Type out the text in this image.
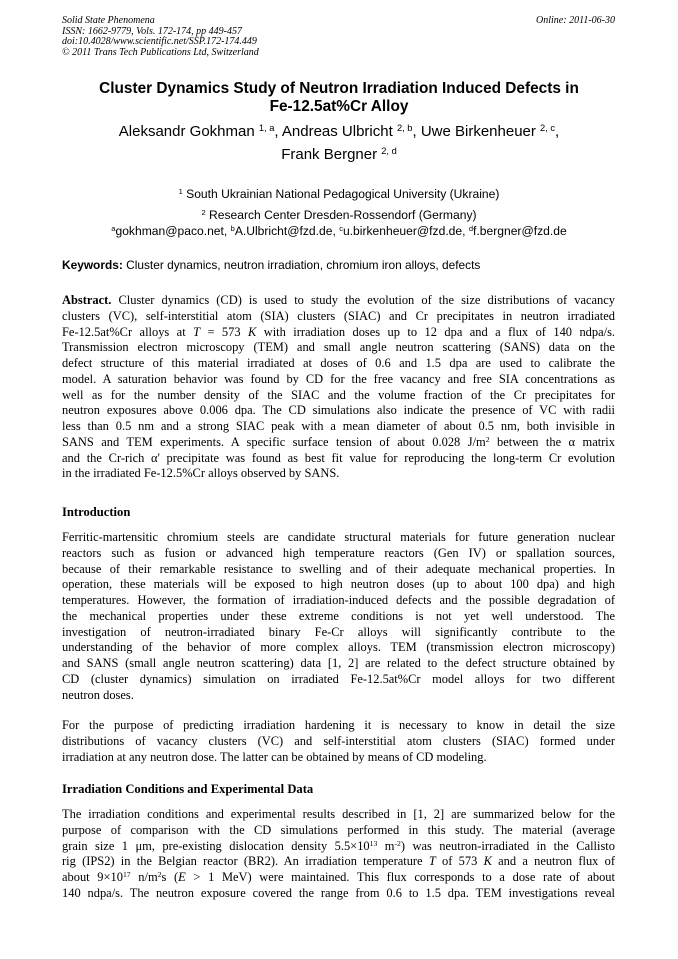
Solid State Phenomena
ISSN: 1662-9779, Vols. 172-174, pp 449-457
doi:10.4028/www.scientific.net/SSP.172-174.449
© 2011 Trans Tech Publications Ltd, Switzerland
Online: 2011-06-30
Cluster Dynamics Study of Neutron Irradiation Induced Defects in
Fe-12.5at%Cr Alloy
Aleksandr Gokhman $^{1, a}$, Andreas Ulbricht $^{2, b}$, Uwe Birkenheuer $^{2, c}$,
Frank Bergner $^{2, d}$
$^1$ South Ukrainian National Pedagogical University (Ukraine)
$^2$ Research Center Dresden-Rossendorf (Germany)
$^a$gokhman@paco.net, $^b$A.Ulbricht@fzd.de, $^c$u.birkenheuer@fzd.de, $^d$f.bergner@fzd.de
Keywords: Cluster dynamics, neutron irradiation, chromium iron alloys, defects
Abstract. Cluster dynamics (CD) is used to study the evolution of the size distributions of vacancy
clusters (VC), self-interstitial atom (SIA) clusters (SIAC) and Cr precipitates in neutron irradiated
Fe-12.5at%Cr alloys at T = 573 K with irradiation doses up to 12 dpa and a flux of 140 ndpa/s.
Transmission electron microscopy (TEM) and small angle neutron scattering (SANS) data on the
defect structure of this material irradiated at doses of 0.6 and 1.5 dpa are used to calibrate the
model. A saturation behavior was found by CD for the free vacancy and free SIA concentrations as
well as for the number density of the SIAC and the volume fraction of the Cr precipitates for
neutron exposures above 0.006 dpa. The CD simulations also indicate the presence of VC with radii
less than 0.5 nm and a strong SIAC peak with a mean diameter of about 0.5 nm, both invisible in
SANS and TEM experiments. A specific surface tension of about 0.028 $J/m^2$ between the α matrix
and the Cr-rich α' precipitate was found as best fit value for reproducing the long-term Cr evolution
in the irradiated Fe-12.5%Cr alloys observed by SANS.
Introduction
Ferritic-martensitic chromium steels are candidate structural materials for future generation nuclear
reactors such as fusion or advanced high temperature reactors (Gen IV) or spallation sources,
because of their remarkable resistance to swelling and of their adequate mechanical properties. In
operation, these materials will be exposed to high neutron doses (up to about 100 dpa) and high
temperatures. However, the formation of irradiation-induced defects and the possible degradation of
the mechanical properties under these extreme conditions is not yet well understood. The
investigation of neutron-irradiated binary Fe-Cr alloys will significantly contribute to the
understanding of the behavior of more complex alloys. TEM (transmission electron microscopy)
and SANS (small angle neutron scattering) data [1, 2] are related to the defect structure obtained by
CD (cluster dynamics) simulation on irradiated Fe-12.5at%Cr model alloys for two different
neutron doses.
For the purpose of predicting irradiation hardening it is necessary to know in detail the size
distributions of vacancy clusters (VC) and self-interstitial atom clusters (SIAC) formed under
irradiation at any neutron dose. The latter can be obtained by means of CD modeling.
Irradiation Conditions and Experimental Data
The irradiation conditions and experimental results described in [1, 2] are summarized below for the
purpose of comparison with the CD simulations performed in this study. The material (average
grain size 1 μm, pre-existing dislocation density $5.5\times 10^{13}$ $m^{-2}$) was neutron-irradiated in the Callisto
rig (IPS2) in the Belgian reactor (BR2). An irradiation temperature T of 573 K and a neutron flux of
about $9\times 10^{17}$ $n/m^2s$ (E > 1 MeV) were maintained. This flux corresponds to a dose rate of about
140 ndpa/s. The neutron exposure covered the range from 0.6 to 1.5 dpa. TEM investigations reveal
